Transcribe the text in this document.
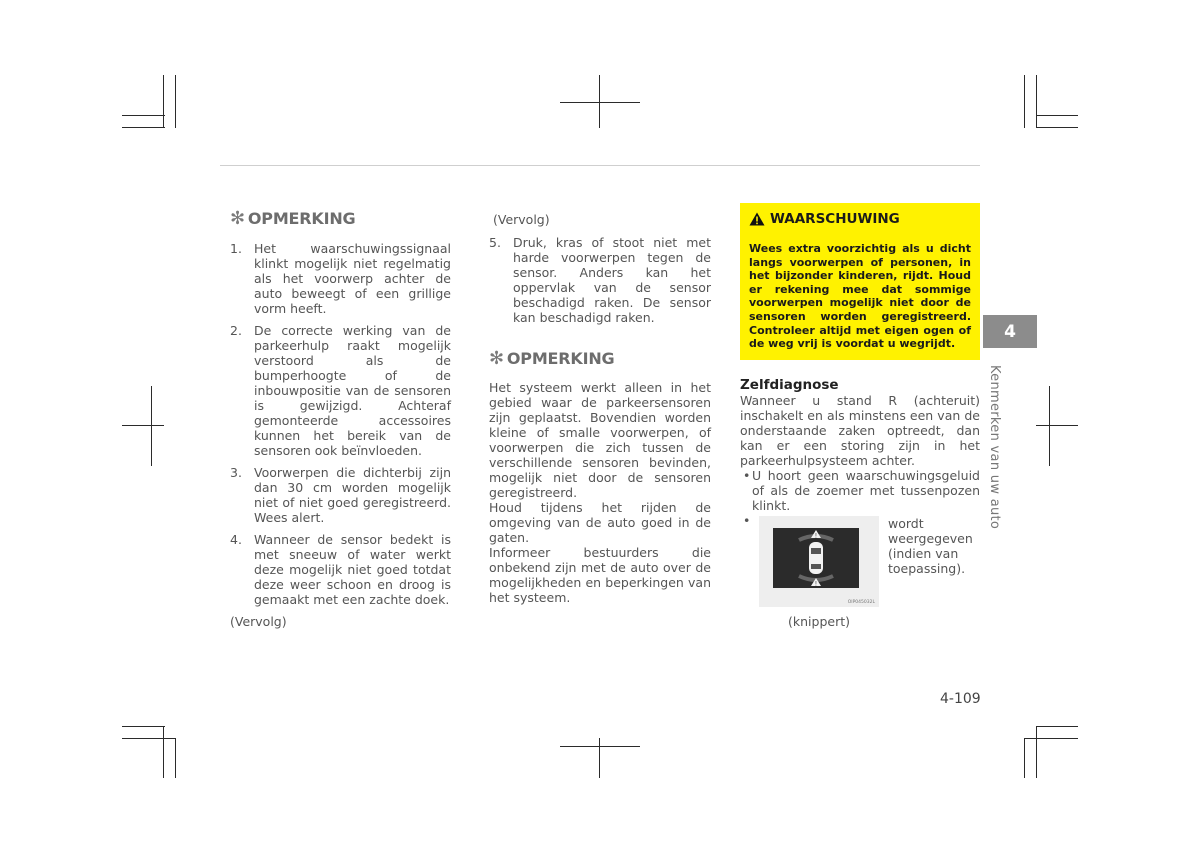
✻ OPMERKING
1. Het waarschuwingssignaal klinkt mogelijk niet regelmatig als het voorwerp achter de auto beweegt of een grillige vorm heeft.
2. De correcte werking van de parkeerhulp raakt mogelijk verstoord als de bumperhoogte of de inbouwpositie van de sensoren is gewijzigd. Achteraf gemonteerde accessoires kunnen het bereik van de sensoren ook beïnvloeden.
3. Voorwerpen die dichterbij zijn dan 30 cm worden mogelijk niet of niet goed geregistreerd. Wees alert.
4. Wanneer de sensor bedekt is met sneeuw of water werkt deze mogelijk niet goed totdat deze weer schoon en droog is gemaakt met een zachte doek.
(Vervolg)
(Vervolg)
5. Druk, kras of stoot niet met harde voorwerpen tegen de sensor. Anders kan het oppervlak van de sensor beschadigd raken. De sensor kan beschadigd raken.
✻ OPMERKING

Het systeem werkt alleen in het gebied waar de parkeersensoren zijn geplaatst. Bovendien worden kleine of smalle voorwerpen, of voorwerpen die zich tussen de verschillende sensoren bevinden, mogelijk niet door de sensoren geregistreerd.

Houd tijdens het rijden de omgeving van de auto goed in de gaten.

Informeer bestuurders die onbekend zijn met de auto over de mogelijkheden en beperkingen van het systeem.

WAARSCHUWING
Wees extra voorzichtig als u dicht langs voorwerpen of personen, in het bijzonder kinderen, rijdt. Houd er rekening mee dat sommige voorwerpen mogelijk niet door de sensoren worden geregistreerd. Controleer altijd met eigen ogen of de weg vrij is voordat u wegrijdt.
Zelfdiagnose

Wanneer u stand R (achteruit) inschakelt en als minstens een van de onderstaande zaken optreedt, dan kan er een storing zijn in het parkeerhulpsysteem achter.

• U hoort geen waarschuwingsgeluid of als de zoemer met tussenpozen klinkt.
•
!
!
OIP045032L
wordt weergegeven (indien van toepassing).
(knippert)
4
Kenmerken van uw auto
4-109
